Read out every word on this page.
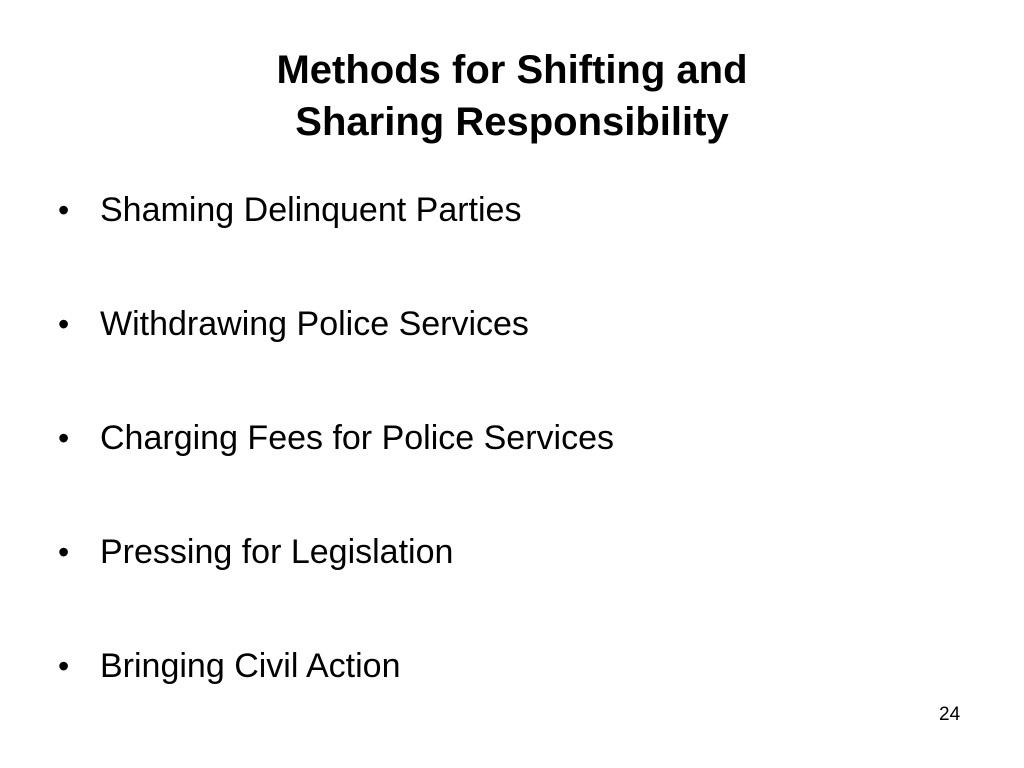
Methods for Shifting and
Sharing Responsibility
• Shaming Delinquent Parties
• Withdrawing Police Services
• Charging Fees for Police Services
• Pressing for Legislation
• Bringing Civil Action
24
